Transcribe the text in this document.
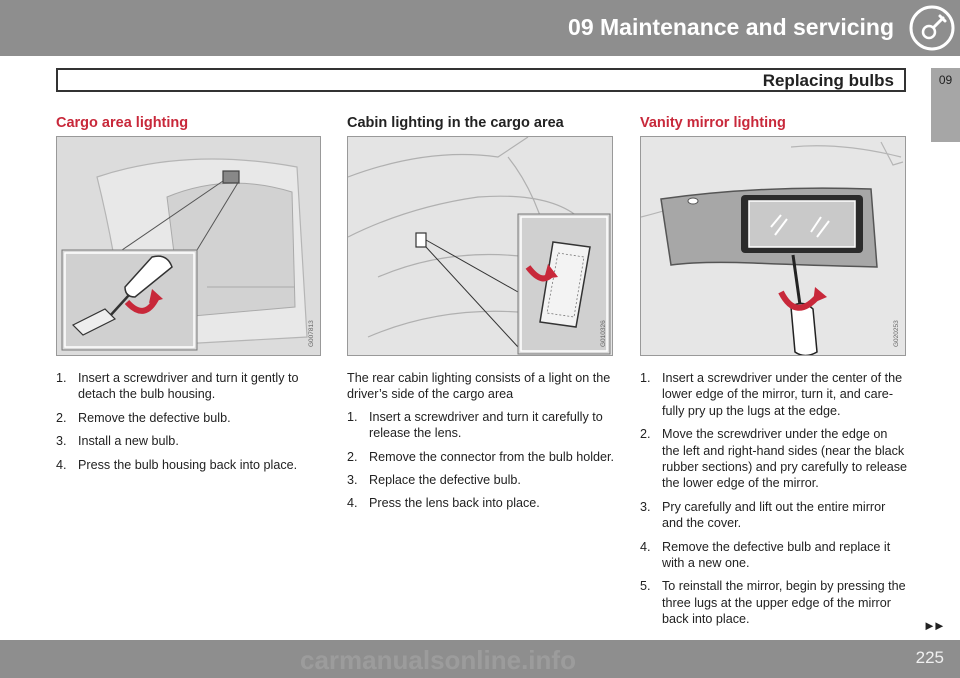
09 Maintenance and servicing
Replacing bulbs	09
Cargo area lighting
G007813
1. Insert a screwdriver and turn it gently to detach the bulb housing.
2. Remove the defective bulb.
3. Install a new bulb.
4. Press the bulb housing back into place.
Cabin lighting in the cargo area
G010326

The rear cabin lighting consists of a light on the driver’s side of the cargo area

1. Insert a screwdriver and turn it carefully to release the lens.
2. Remove the connector from the bulb holder.
3. Replace the defective bulb.
4. Press the lens back into place.
Vanity mirror lighting
G020253
1. Insert a screwdriver under the center of the lower edge of the mirror, turn it, and carefully pry up the lugs at the edge.
2. Move the screwdriver under the edge on the left and right-hand sides (near the black rubber sections) and pry carefully to release the lower edge of the mirror.
3. Pry carefully and lift out the entire mirror and the cover.
4. Remove the defective bulb and replace it with a new one.
5. To reinstall the mirror, begin by pressing the three lugs at the upper edge of the mirror back into place.	►►
carmanualsonline.info	225
